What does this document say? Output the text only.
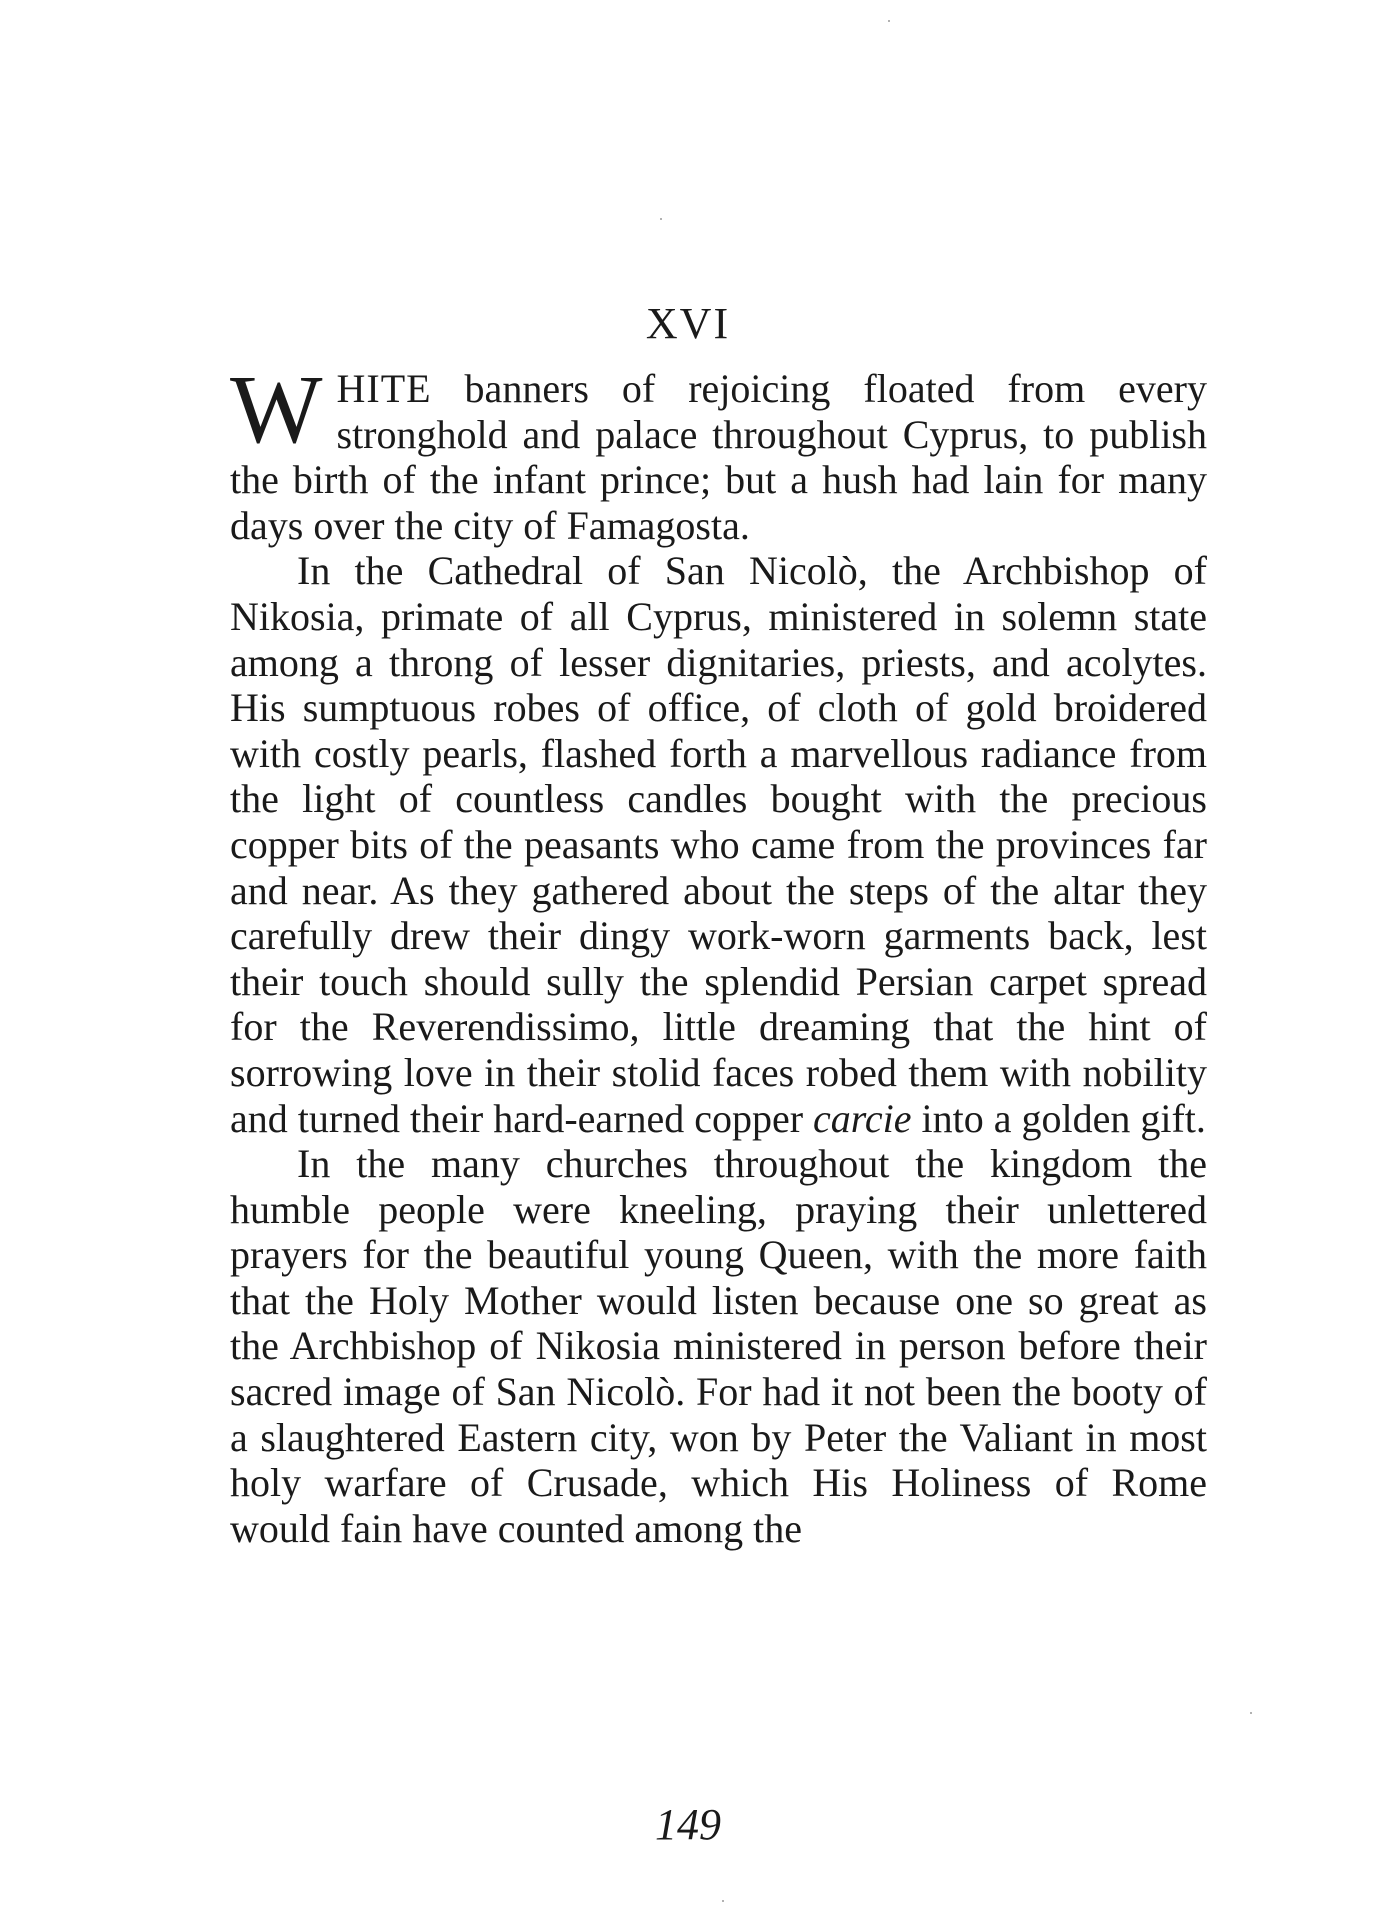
XVI

WHITE banners of rejoicing floated from every stronghold and palace throughout Cyprus, to publish the birth of the infant prince; but a hush had lain for many days over the city of Famagosta.

In the Cathedral of San Nicolò, the Archbishop of Nikosia, primate of all Cyprus, ministered in solemn state among a throng of lesser dignitaries, priests, and acolytes. His sumptuous robes of office, of cloth of gold broidered with costly pearls, flashed forth a marvellous radiance from the light of countless candles bought with the precious copper bits of the peasants who came from the provinces far and near. As they gathered about the steps of the altar they carefully drew their dingy work-worn garments back, lest their touch should sully the splendid Persian carpet spread for the Reverendissimo, little dreaming that the hint of sorrowing love in their stolid faces robed them with nobility and turned their hard-earned copper carcie into a golden gift.

In the many churches throughout the kingdom the humble people were kneeling, praying their unlettered prayers for the beautiful young Queen, with the more faith that the Holy Mother would listen because one so great as the Archbishop of Nikosia ministered in person before their sacred image of San Nicolò. For had it not been the booty of a slaughtered Eastern city, won by Peter the Valiant in most holy warfare of Crusade, which His Holiness of Rome would fain have counted among the

149
